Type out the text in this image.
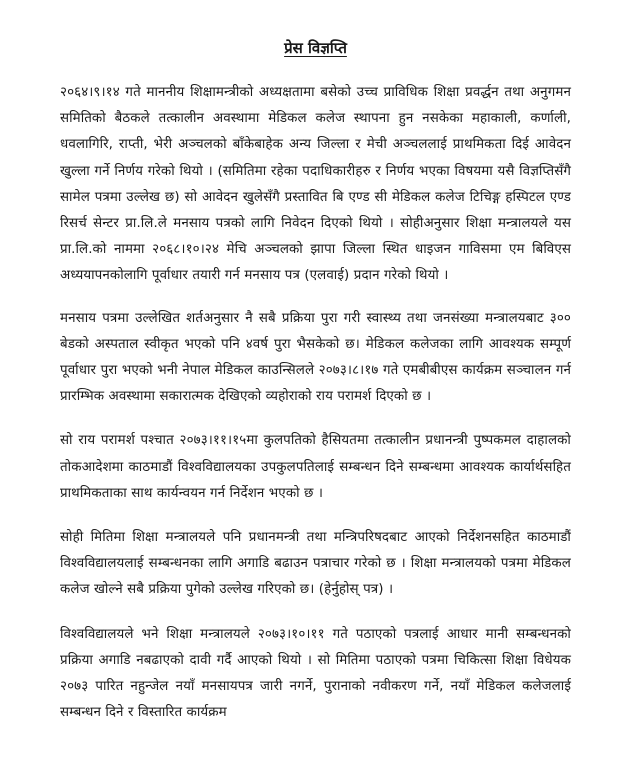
प्रेस विज्ञप्ति

२०६४।९।१४ गते माननीय शिक्षामन्त्रीको अध्यक्षतामा बसेको उच्च प्राविधिक शिक्षा प्रवर्द्धन तथा अनुगमन समितिको बैठकले तत्कालीन अवस्थामा मेडिकल कलेज स्थापना हुन नसकेका महाकाली, कर्णाली, धवलागिरि, राप्ती, भेरी अञ्चलको बाँकेबाहेक अन्य जिल्ला र मेची अञ्चललाई प्राथमिकता दिई आवेदन खुल्ला गर्ने निर्णय गरेको थियो । (समितिमा रहेका पदाधिकारीहरु र निर्णय भएका विषयमा यसै विज्ञप्तिसँगै सामेल पत्रमा उल्लेख छ) सो आवेदन खुलेसँगै प्रस्तावित बि एण्ड सी मेडिकल कलेज टिचिङ्ग हस्पिटल एण्ड रिसर्च सेन्टर प्रा.लि.ले मनसाय पत्रको लागि निवेदन दिएको थियो । सोहीअनुसार शिक्षा मन्त्रालयले यस प्रा.लि.को नाममा २०६८।१०।२४ मेचि अञ्चलको झापा जिल्ला स्थित धाइजन गाविसमा एम बिविएस अध्ययापनकोलागि पूर्वाधार तयारी गर्न मनसाय पत्र (एलवाई) प्रदान गरेको थियो ।

मनसाय पत्रमा उल्लेखित शर्तअनुसार नै सबै प्रक्रिया पुरा गरी स्वास्थ्य तथा जनसंख्या मन्त्रालयबाट ३०० बेडको अस्पताल स्वीकृत भएको पनि ४वर्ष पुरा भैसकेको छ। मेडिकल कलेजका लागि आवश्यक सम्पूर्ण पूर्वाधार पुरा भएको भनी नेपाल मेडिकल काउन्सिलले २०७३।८।१७ गते एमबीबीएस कार्यक्रम सञ्चालन गर्न प्रारम्भिक अवस्थामा सकारात्मक देखिएको व्यहोराको राय परामर्श दिएको छ ।

सो राय परामर्श पश्चात २०७३।११।१५मा कुलपतिको हैसियतमा तत्कालीन प्रधानन्त्री पुष्पकमल दाहालको तोकआदेशमा काठमाडौं विश्वविद्यालयका उपकुलपतिलाई सम्बन्धन दिने सम्बन्धमा आवश्यक कार्यार्थसहित प्राथमिकताका साथ कार्यन्वयन गर्न निर्देशन भएको छ ।

सोही मितिमा शिक्षा मन्त्रालयले पनि प्रधानमन्त्री तथा मन्त्रिपरिषदबाट आएको निर्देशनसहित काठमाडौं विश्वविद्यालयलाई सम्बन्धनका लागि अगाडि बढाउन पत्राचार गरेको छ । शिक्षा मन्त्रालयको पत्रमा मेडिकल कलेज खोल्ने सबै प्रक्रिया पुगेको उल्लेख गरिएको छ। (हेर्नुहोस् पत्र) ।

विश्वविद्यालयले भने शिक्षा मन्त्रालयले २०७३।१०।११ गते पठाएको पत्रलाई आधार मानी सम्बन्धनको प्रक्रिया अगाडि नबढाएको दावी गर्दै आएको थियो । सो मितिमा पठाएको पत्रमा चिकित्सा शिक्षा विधेयक २०७३ पारित नहुन्जेल नयाँ मनसायपत्र जारी नगर्ने, पुरानाको नवीकरण गर्ने, नयाँ मेडिकल कलेजलाई सम्बन्धन दिने र विस्तारित कार्यक्रम
